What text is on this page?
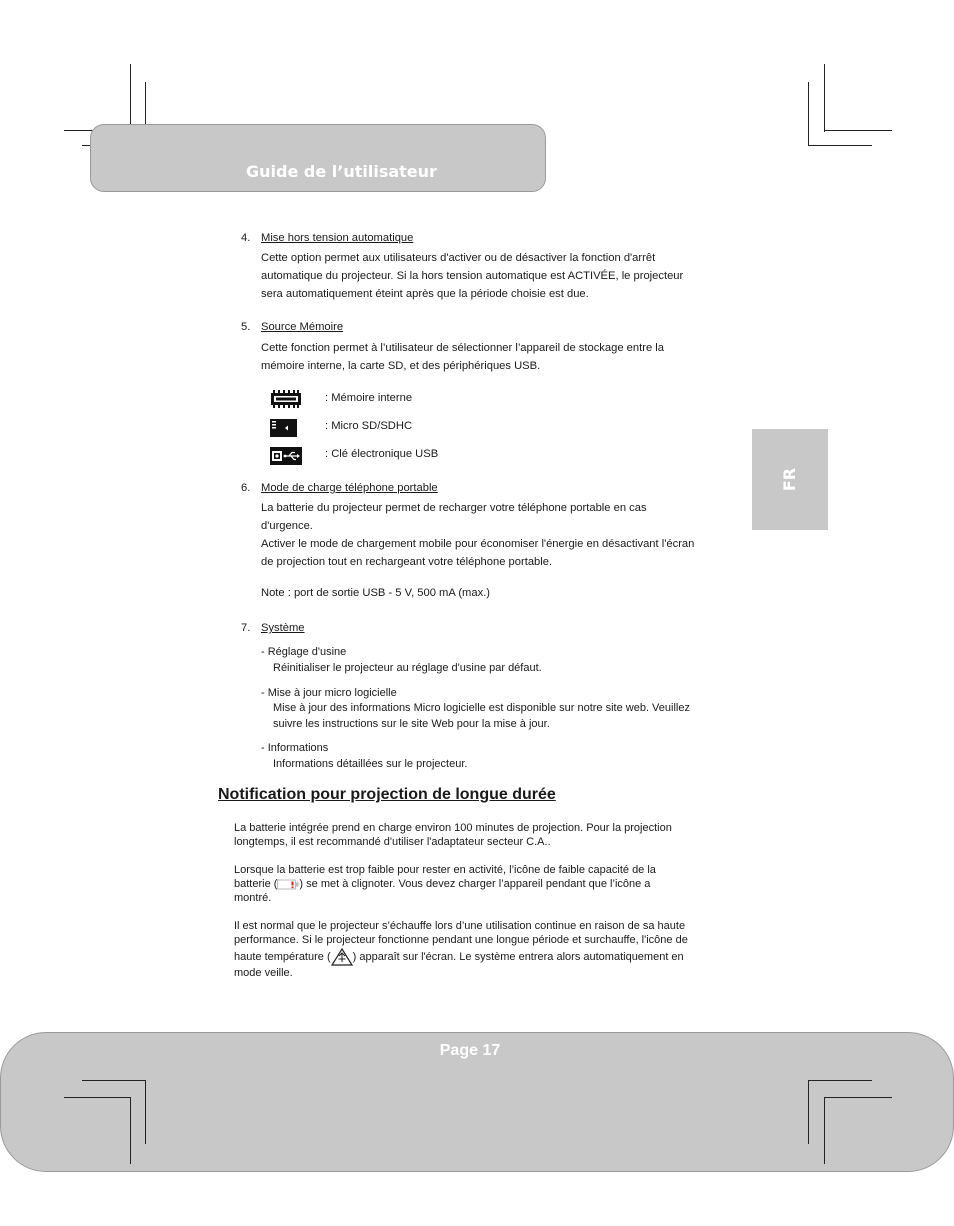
Guide de l’utilisateur
FR
4. Mise hors tension automatique
Cette option permet aux utilisateurs d'activer ou de désactiver la fonction d'arrêt
automatique du projecteur. Si la hors tension automatique est ACTIVÉE, le projecteur
sera automatiquement éteint après que la période choisie est due.
5. Source Mémoire
Cette fonction permet à l’utilisateur de sélectionner l’appareil de stockage entre la
mémoire interne, la carte SD, et des périphériques USB.
: Mémoire interne
: Micro SD/SDHC
: Clé électronique USB
6. Mode de charge téléphone portable
La batterie du projecteur permet de recharger votre téléphone portable en cas
d'urgence.
Activer le mode de chargement mobile pour économiser l'énergie en désactivant l'écran
de projection tout en rechargeant votre téléphone portable.
Note : port de sortie USB - 5 V, 500 mA (max.)
7. Système
- Réglage d'usine
Réinitialiser le projecteur au réglage d'usine par défaut.
- Mise à jour micro logicielle
Mise à jour des informations Micro logicielle est disponible sur notre site web. Veuillez
suivre les instructions sur le site Web pour la mise à jour.
- Informations
Informations détaillées sur le projecteur.
Notification pour projection de longue durée
La batterie intégrée prend en charge environ 100 minutes de projection. Pour la projection
longtemps, il est recommandé d'utiliser l'adaptateur secteur C.A..
Lorsque la batterie est trop faible pour rester en activité, l’icône de faible capacité de la
batterie ( ) se met à clignoter. Vous devez charger l’appareil pendant que l’icône a
montré.
Il est normal que le projecteur s’échauffe lors d’une utilisation continue en raison de sa haute
performance. Si le projecteur fonctionne pendant une longue période et surchauffe, l'icône de
haute température ( ) apparaît sur l'écran. Le système entrera alors automatiquement en
mode veille.
Page 17
